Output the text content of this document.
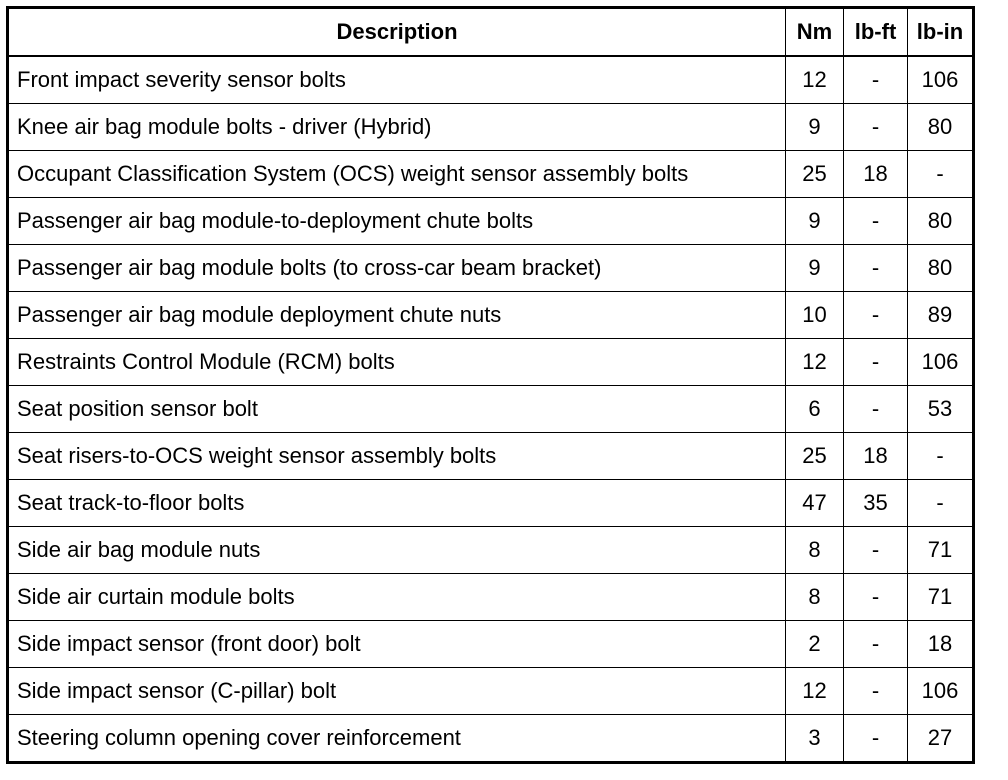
Description	Nm	lb-ft	lb-in
Front impact severity sensor bolts	12	-	106
Knee air bag module bolts - driver (Hybrid)	9	-	80
Occupant Classification System (OCS) weight sensor assembly bolts	25	18	-
Passenger air bag module-to-deployment chute bolts	9	-	80
Passenger air bag module bolts (to cross-car beam bracket)	9	-	80
Passenger air bag module deployment chute nuts	10	-	89
Restraints Control Module (RCM) bolts	12	-	106
Seat position sensor bolt	6	-	53
Seat risers-to-OCS weight sensor assembly bolts	25	18	-
Seat track-to-floor bolts	47	35	-
Side air bag module nuts	8	-	71
Side air curtain module bolts	8	-	71
Side impact sensor (front door) bolt	2	-	18
Side impact sensor (C-pillar) bolt	12	-	106
Steering column opening cover reinforcement	3	-	27
